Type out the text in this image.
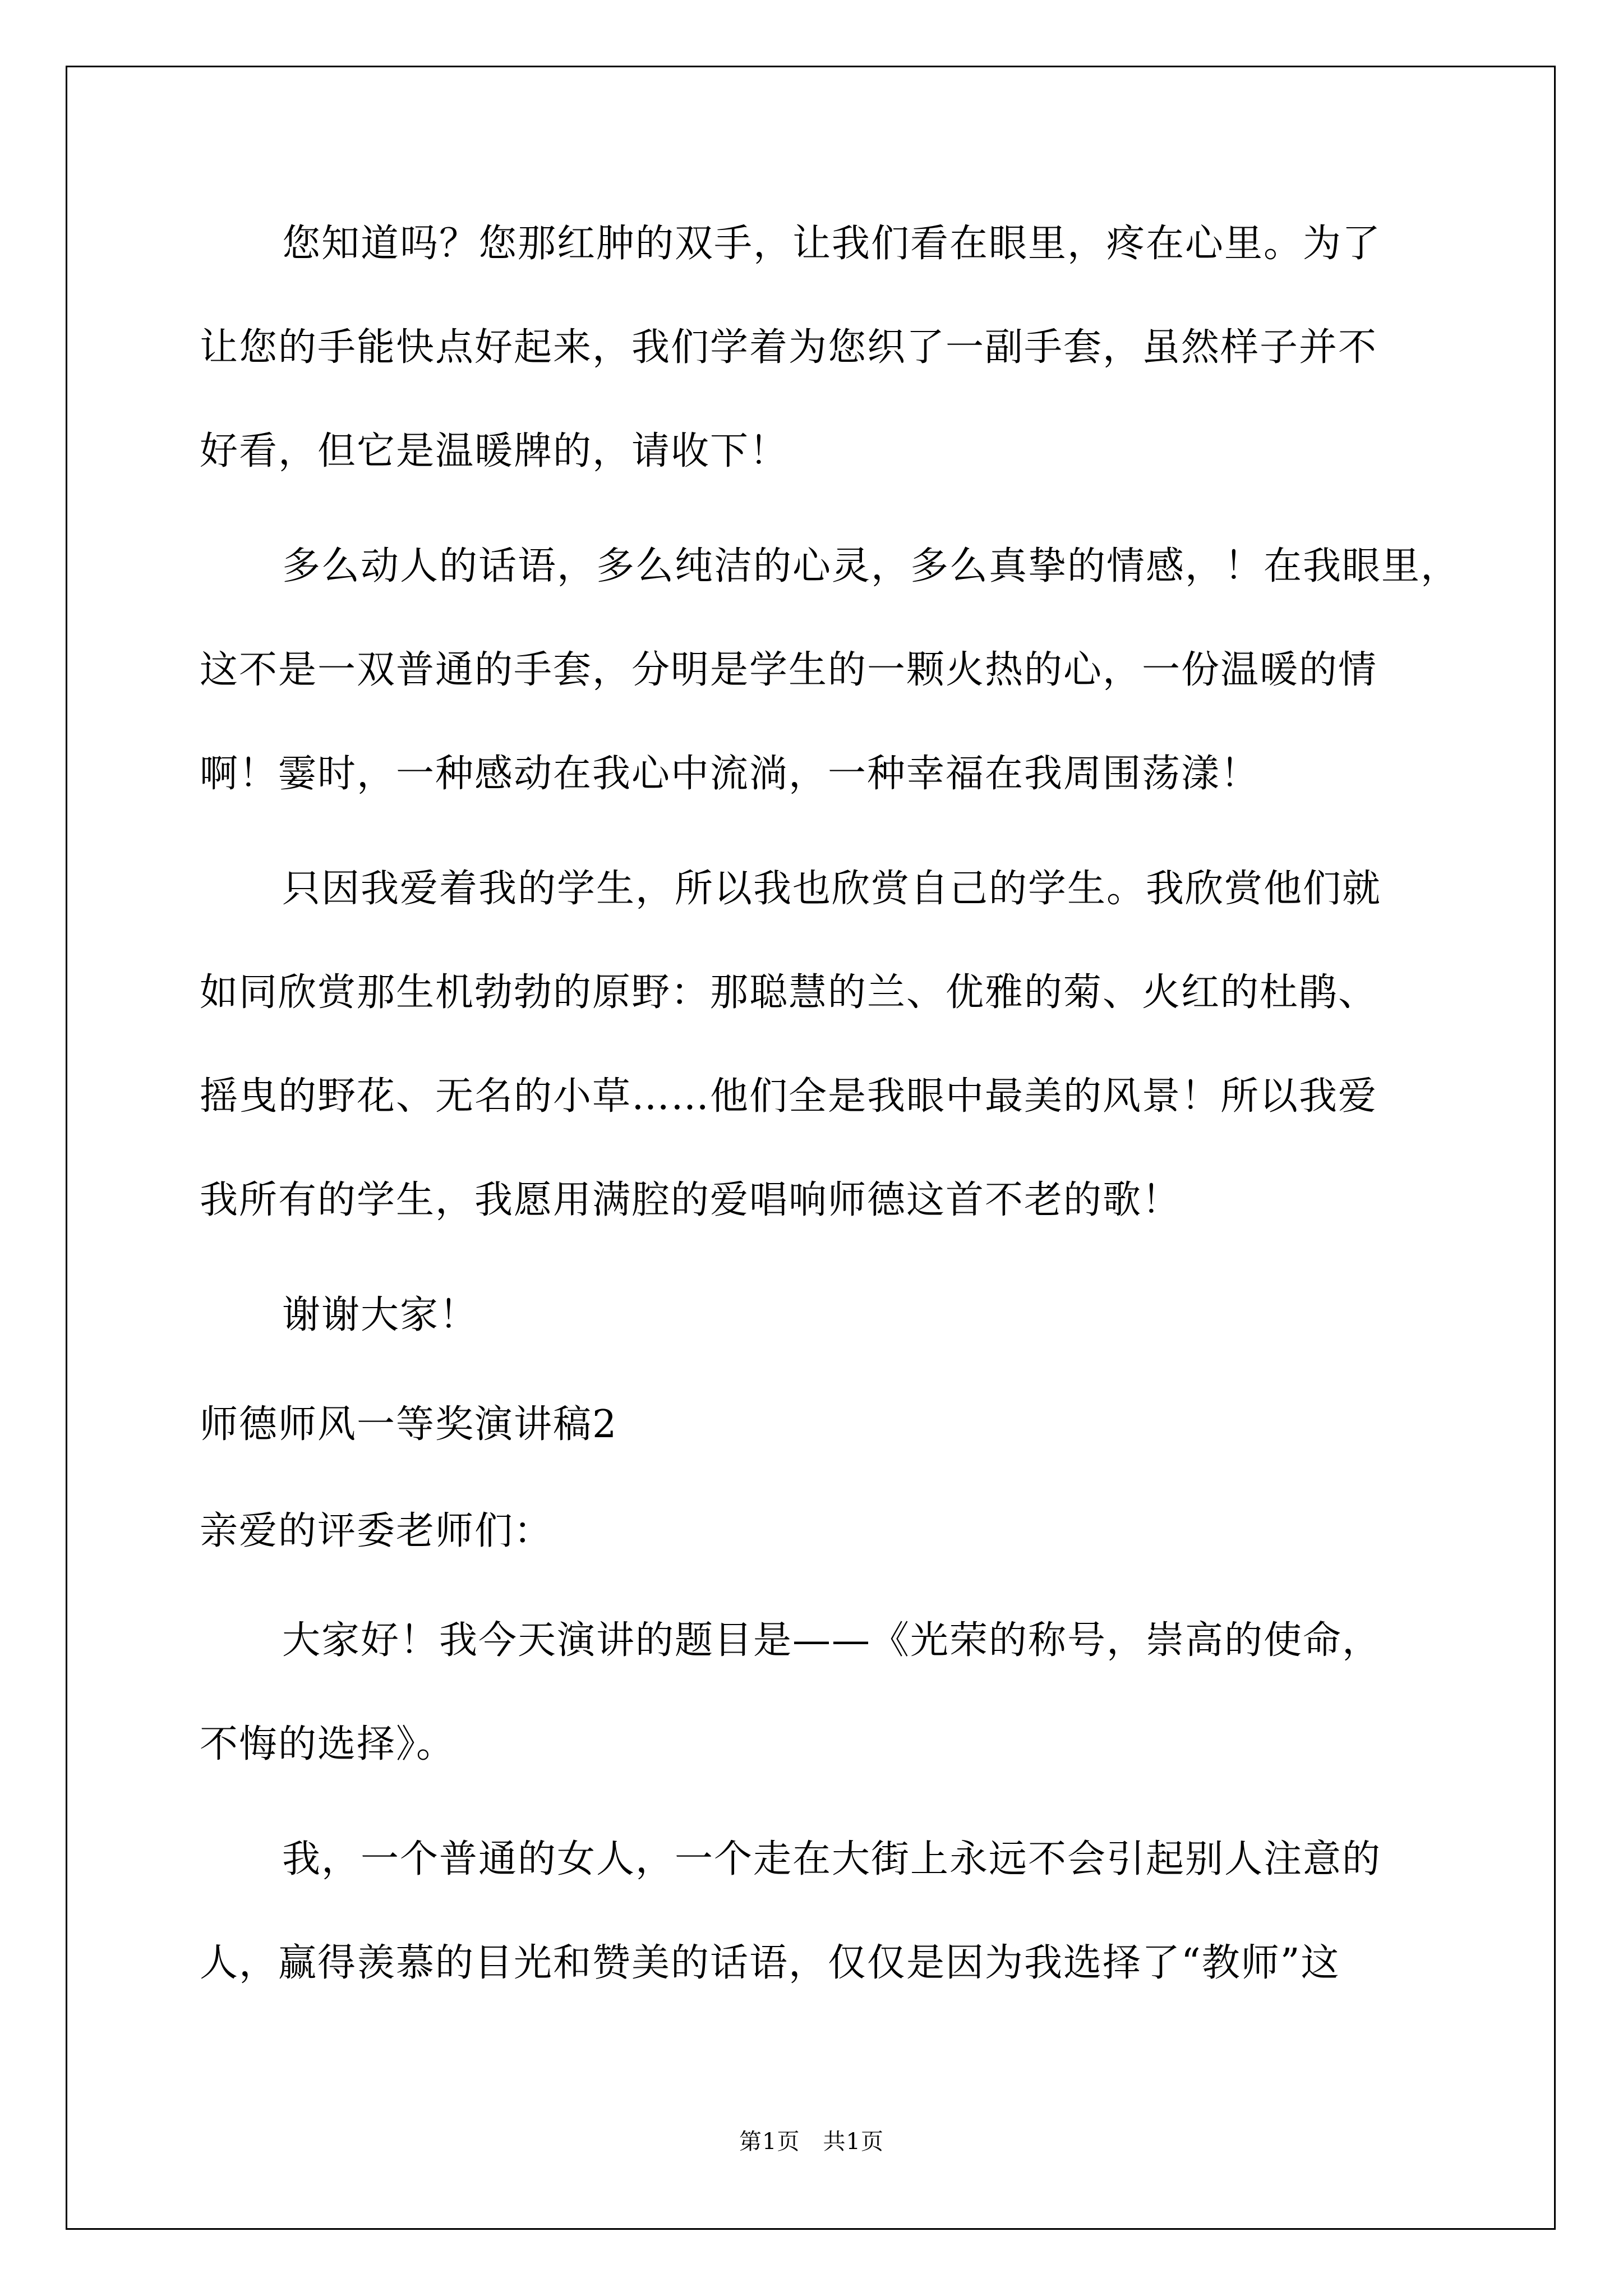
您知道吗？您那红肿的双手，让我们看在眼里，疼在心里。为了
让您的手能快点好起来，我们学着为您织了一副手套，虽然样子并不
好看，但它是温暖牌的，请收下！
多么动人的话语，多么纯洁的心灵，多么真挚的情感，！在我眼里，
这不是一双普通的手套，分明是学生的一颗火热的心，一份温暖的情
啊！霎时，一种感动在我心中流淌，一种幸福在我周围荡漾！
只因我爱着我的学生，所以我也欣赏自己的学生。我欣赏他们就
如同欣赏那生机勃勃的原野：那聪慧的兰、优雅的菊、火红的杜鹃、
摇曳的野花、无名的小草……他们全是我眼中最美的风景！所以我爱
我所有的学生，我愿用满腔的爱唱响师德这首不老的歌！
谢谢大家！
师德师风一等奖演讲稿2
亲爱的评委老师们：
大家好！我今天演讲的题目是——《光荣的称号，崇高的使命，
不悔的选择》。
我，一个普通的女人，一个走在大街上永远不会引起别人注意的
人，赢得羡慕的目光和赞美的话语，仅仅是因为我选择了“教师”这
第1页　共1页
